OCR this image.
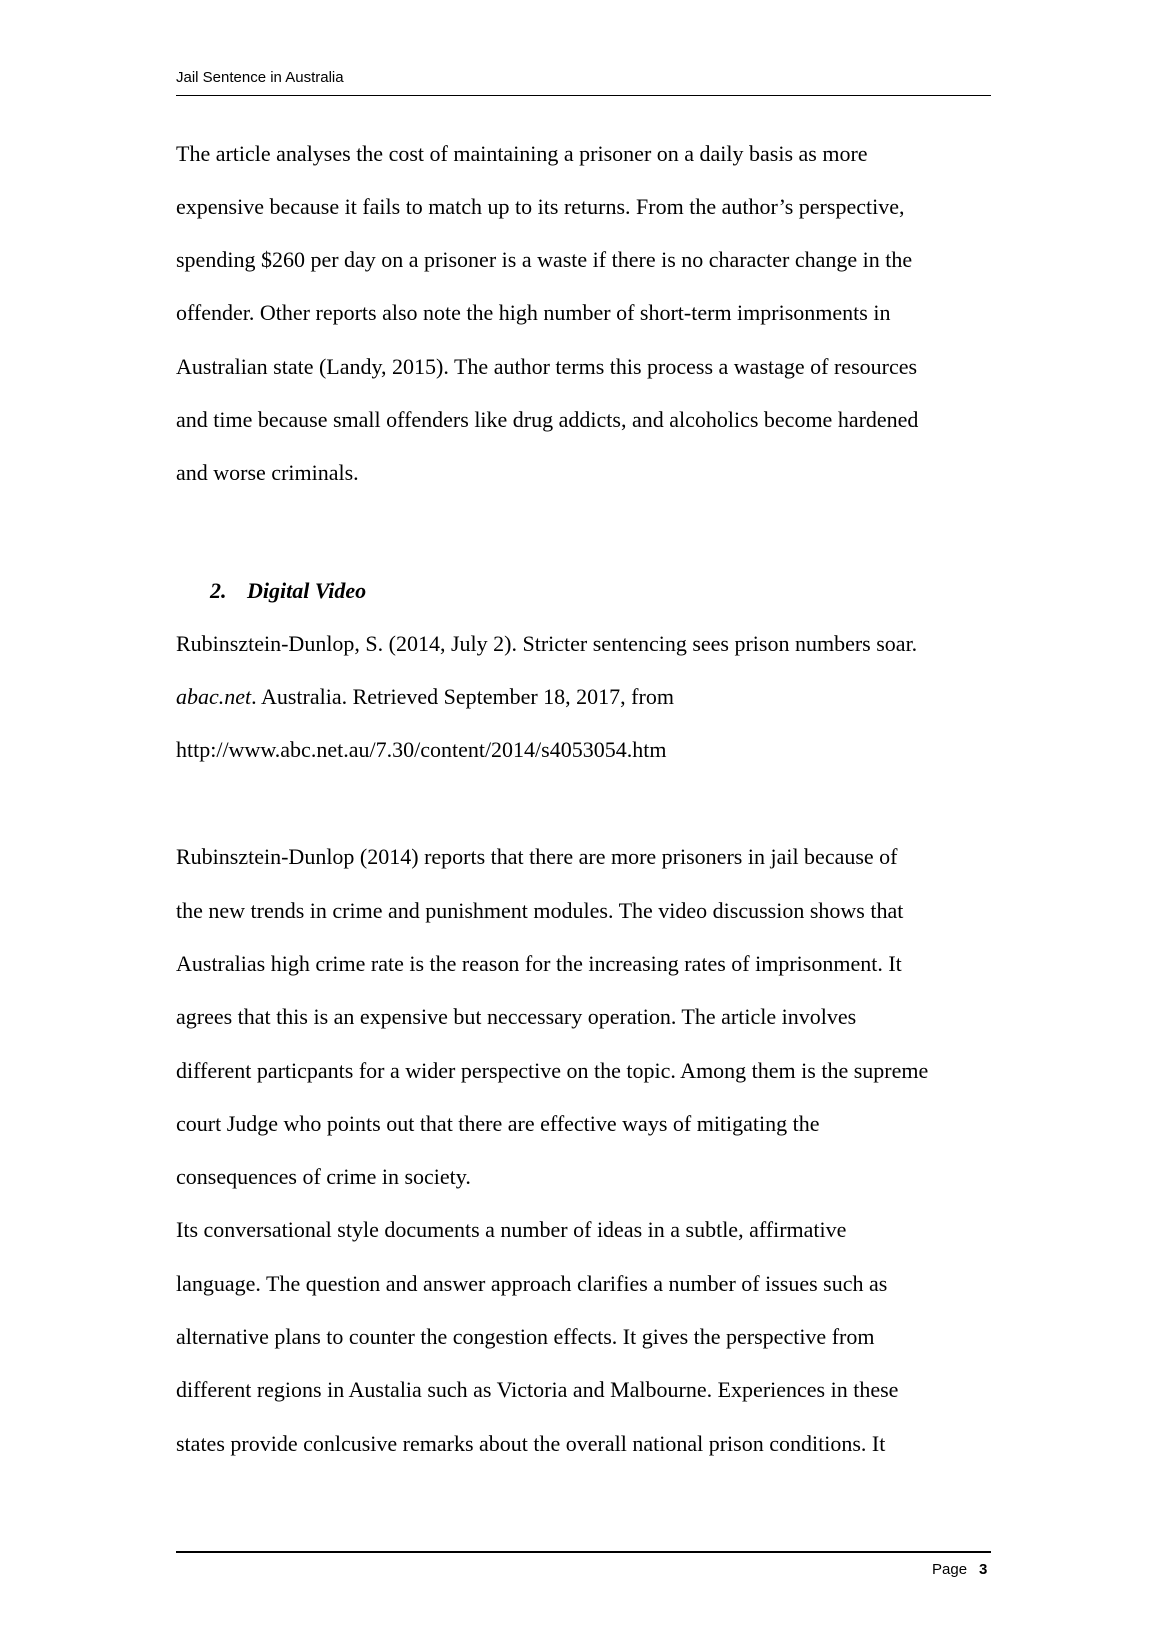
Jail Sentence in Australia
The article analyses the cost of maintaining a prisoner on a daily basis as more
expensive because it fails to match up to its returns. From the author’s perspective,
spending $260 per day on a prisoner is a waste if there is no character change in the
offender. Other reports also note the high number of short-term imprisonments in
Australian state (Landy, 2015). The author terms this process a wastage of resources
and time because small offenders like drug addicts, and alcoholics become hardened
and worse criminals.
2. Digital Video
Rubinsztein-Dunlop, S. (2014, July 2). Stricter sentencing sees prison numbers soar.
abac.net. Australia. Retrieved September 18, 2017, from
http://www.abc.net.au/7.30/content/2014/s4053054.htm
Rubinsztein-Dunlop (2014) reports that there are more prisoners in jail because of
the new trends in crime and punishment modules. The video discussion shows that
Australias high crime rate is the reason for the increasing rates of imprisonment. It
agrees that this is an expensive but neccessary operation. The article involves
different particpants for a wider perspective on the topic. Among them is the supreme
court Judge who points out that there are effective ways of mitigating the
consequences of crime in society.
Its conversational style documents a number of ideas in a subtle, affirmative
language. The question and answer approach clarifies a number of issues such as
alternative plans to counter the congestion effects. It gives the perspective from
different regions in Austalia such as Victoria and Malbourne. Experiences in these
states provide conlcusive remarks about the overall national prison conditions. It
Page 3
